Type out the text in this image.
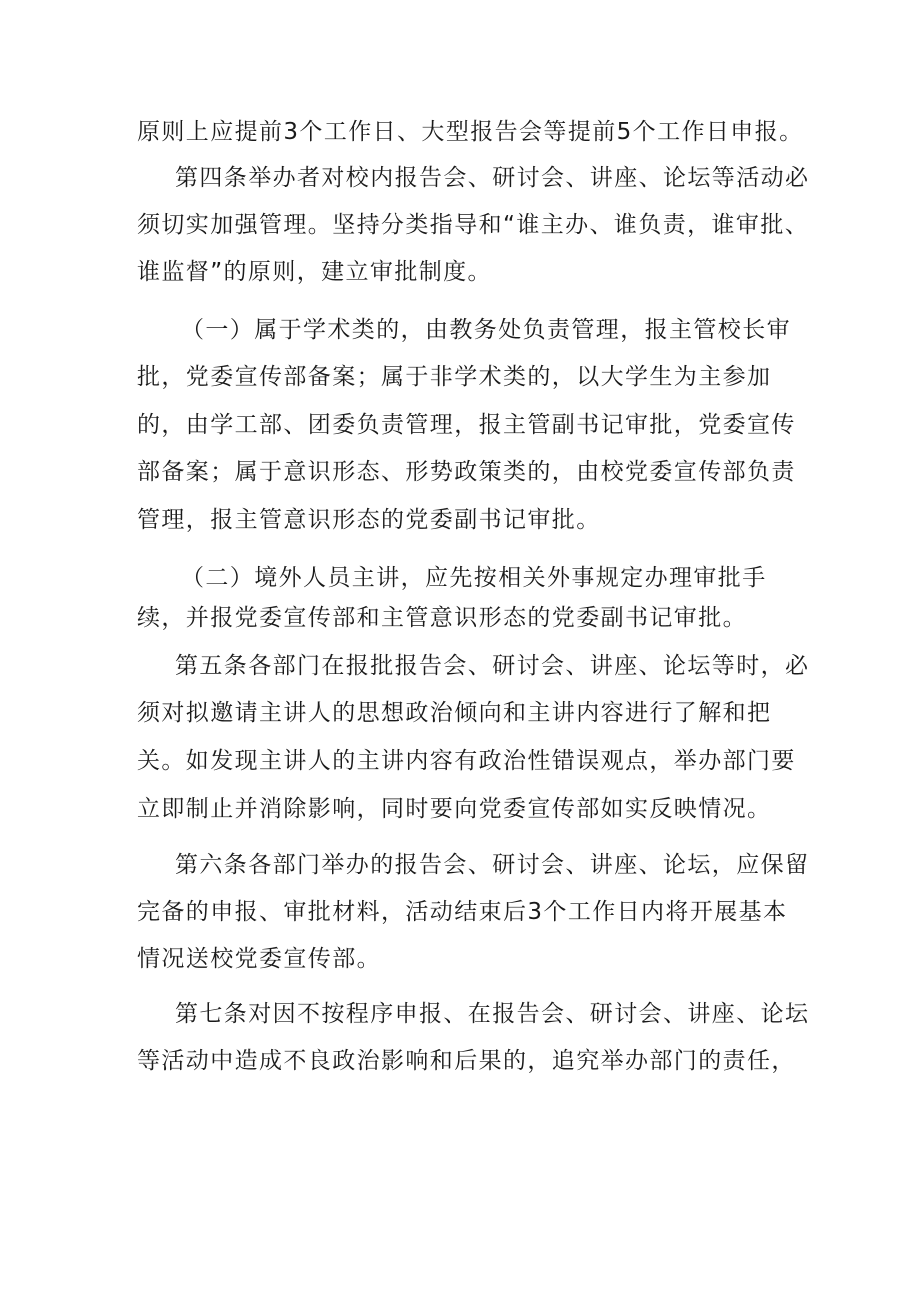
原则上应提前3个工作日、大型报告会等提前5个工作日申报。
第四条举办者对校内报告会、研讨会、讲座、论坛等活动必
须切实加强管理。坚持分类指导和“谁主办、谁负责，谁审批、
谁监督”的原则，建立审批制度。
（一）属于学术类的，由教务处负责管理，报主管校长审
批，党委宣传部备案；属于非学术类的，以大学生为主参加
的，由学工部、团委负责管理，报主管副书记审批，党委宣传
部备案；属于意识形态、形势政策类的，由校党委宣传部负责
管理，报主管意识形态的党委副书记审批。
（二）境外人员主讲，应先按相关外事规定办理审批手
续，并报党委宣传部和主管意识形态的党委副书记审批。
第五条各部门在报批报告会、研讨会、讲座、论坛等时，必
须对拟邀请主讲人的思想政治倾向和主讲内容进行了解和把
关。如发现主讲人的主讲内容有政治性错误观点，举办部门要
立即制止并消除影响，同时要向党委宣传部如实反映情况。
第六条各部门举办的报告会、研讨会、讲座、论坛，应保留
完备的申报、审批材料，活动结束后3个工作日内将开展基本
情况送校党委宣传部。
第七条对因不按程序申报、在报告会、研讨会、讲座、论坛
等活动中造成不良政治影响和后果的，追究举办部门的责任，
